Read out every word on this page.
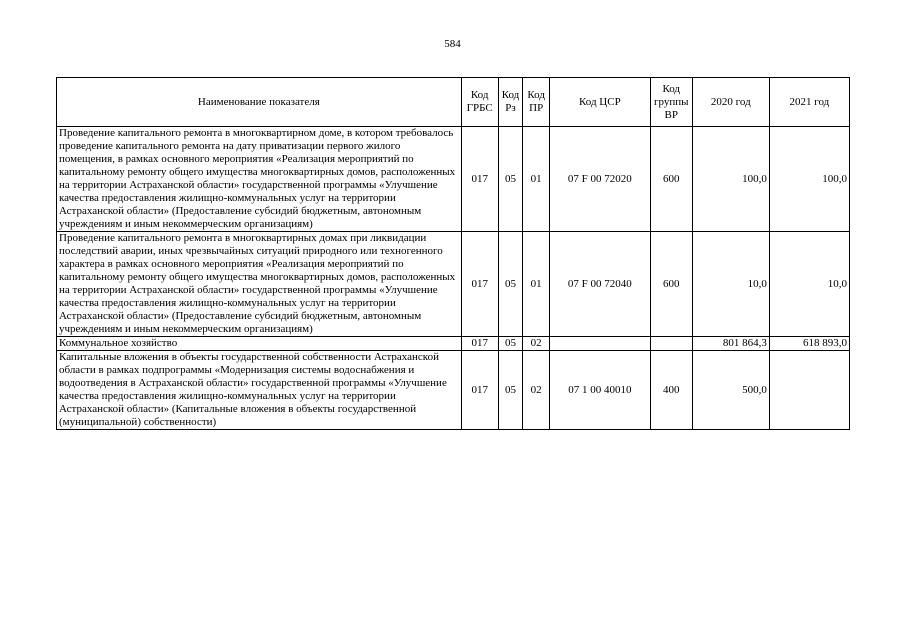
584
Наименование показателя	Код ГРБС	Код Рз	Код ПР	Код ЦСР	Код группы ВР	2020 год	2021 год
Проведение капитального ремонта в многоквартирном доме, в котором требовалось проведение капитального ремонта на дату приватизации первого жилого помещения, в рамках основного мероприятия «Реализация мероприятий по капитальному ремонту общего имущества многоквартирных домов, расположенных на территории Астраханской области» государственной программы «Улучшение качества предоставления жилищно-коммунальных услуг на территории Астраханской области» (Предоставление субсидий бюджетным, автономным учреждениям и иным некоммерческим организациям)	017	05	01	07 F 00 72020	600	100,0	100,0
Проведение капитального ремонта в многоквартирных домах при ликвидации последствий аварии, иных чрезвычайных ситуаций природного или техногенного характера в рамках основного мероприятия «Реализация мероприятий по капитальному ремонту общего имущества многоквартирных домов, расположенных на территории Астраханской области» государственной программы «Улучшение качества предоставления жилищно-коммунальных услуг на территории Астраханской области» (Предоставление субсидий бюджетным, автономным учреждениям и иным некоммерческим организациям)	017	05	01	07 F 00 72040	600	10,0	10,0
Коммунальное хозяйство	017	05	02			801 864,3	618 893,0
Капитальные вложения в объекты государственной собственности Астраханской области в рамках подпрограммы «Модернизация системы водоснабжения и водоотведения в Астраханской области» государственной программы «Улучшение качества предоставления жилищно-коммунальных услуг на территории Астраханской области» (Капитальные вложения в объекты государственной (муниципальной) собственности)	017	05	02	07 1 00 40010	400	500,0	
